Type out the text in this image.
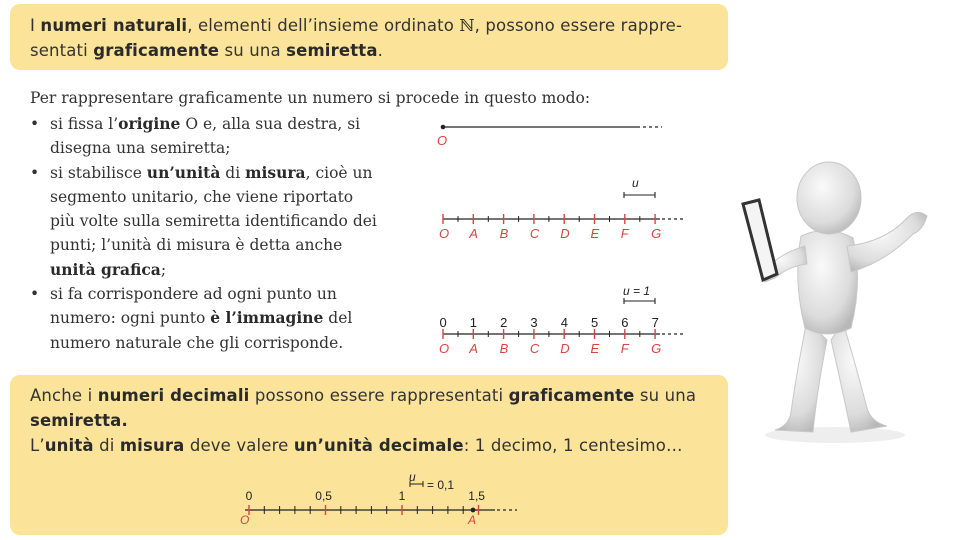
I numeri naturali, elementi dell’insieme ordinato ℕ, possono essere rappre-
sentati graficamente su una semiretta.

Per rappresentare graficamente un numero si procede in questo modo:

• si fissa l’origine O e, alla sua destra, si disegna una semiretta;
• si stabilisce un’unità di misura, cioè un segmento unitario, che viene riportato più volte sulla semiretta identificando dei punti; l’unità di misura è detta anche unità grafica;
• si fa corrispondere ad ogni punto un numero: ogni punto è l’immagine del numero naturale che gli corrisponde.
O
u
O A B C D E F G
u = 1
0
O
1
A
2
B
3
C
4
D
5
E
6
F
7
G

Anche i numeri decimali possono essere rappresentati graficamente su una
semiretta.
L’unità di misura deve valere un’unità decimale: 1 decimo, 1 centesimo…

u
= 0,1
O	A
0	0,5	1	1,5
